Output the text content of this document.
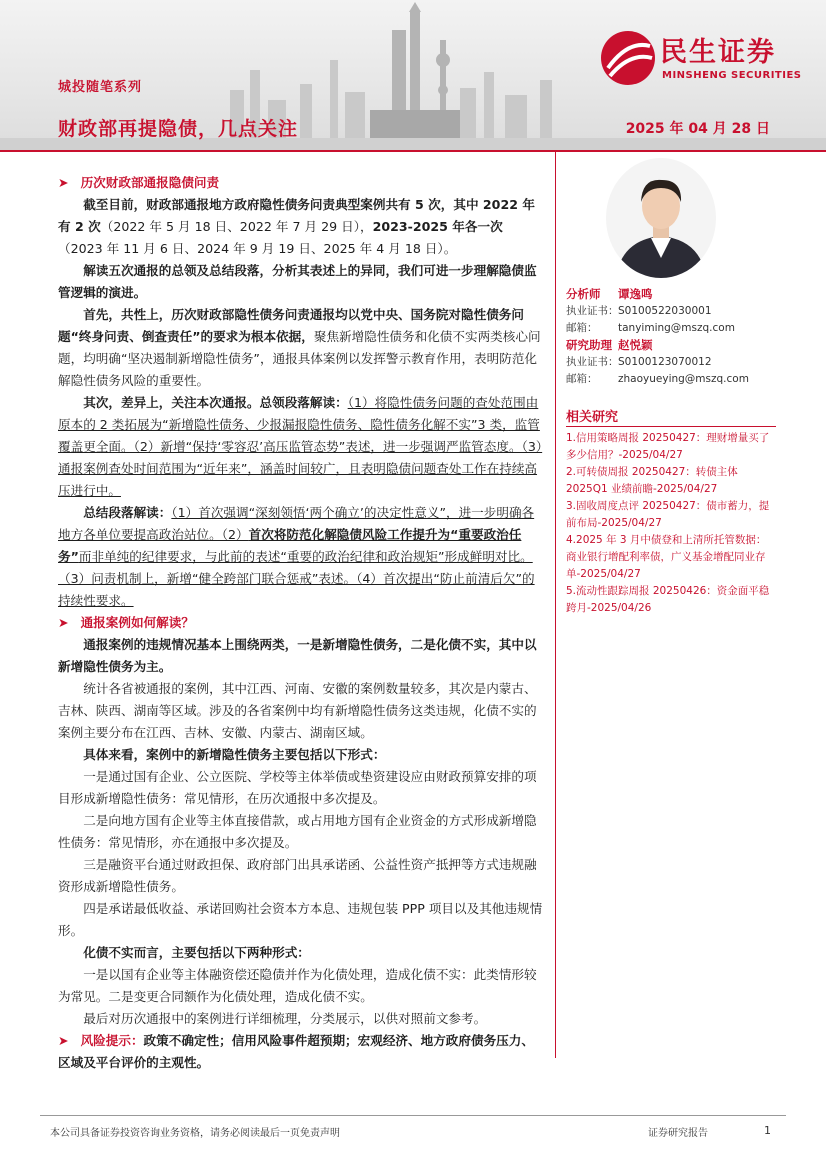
城投随笔系列
财政部再提隐债，几点关注	2025 年 04 月 28 日
民生证券
MINSHENG SECURITIES

➤ 历次财政部通报隐债问责

截至目前，财政部通报地方政府隐性债务问责典型案例共有 5 次，其中 2022 年有 2 次（2022 年 5 月 18 日、2022 年 7 月 29 日），2023-2025 年各一次（2023 年 11 月 6 日、2024 年 9 月 19 日、2025 年 4 月 18 日）。

解读五次通报的总领及总结段落，分析其表述上的异同，我们可进一步理解隐债监管逻辑的演进。

首先，共性上，历次财政部隐性债务问责通报均以党中央、国务院对隐性债务问题“终身问责、倒查责任”的要求为根本依据，聚焦新增隐性债务和化债不实两类核心问题，均明确“坚决遏制新增隐性债务”，通报具体案例以发挥警示教育作用，表明防范化解隐性债务风险的重要性。

其次，差异上，关注本次通报。总领段落解读：（1）将隐性债务问题的查处范围由原本的 2 类拓展为“新增隐性债务、少报漏报隐性债务、隐性债务化解不实”3 类，监管覆盖更全面。（2）新增“保持‘零容忍’高压监管态势”表述，进一步强调严监管态度。（3）通报案例查处时间范围为“近年来”，涵盖时间较广，且表明隐债问题查处工作在持续高压进行中。

总结段落解读：（1）首次强调“深刻领悟‘两个确立’的决定性意义”，进一步明确各地方各单位要提高政治站位。（2）首次将防范化解隐债风险工作提升为“重要政治任务”而非单纯的纪律要求，与此前的表述“重要的政治纪律和政治规矩”形成鲜明对比。（3）问责机制上，新增“健全跨部门联合惩戒”表述。（4）首次提出“防止前清后欠”的持续性要求。

➤ 通报案例如何解读？

通报案例的违规情况基本上围绕两类，一是新增隐性债务，二是化债不实，其中以新增隐性债务为主。

统计各省被通报的案例，其中江西、河南、安徽的案例数量较多，其次是内蒙古、吉林、陕西、湖南等区域。涉及的各省案例中均有新增隐性债务这类违规，化债不实的案例主要分布在江西、吉林、安徽、内蒙古、湖南区域。

具体来看，案例中的新增隐性债务主要包括以下形式：

一是通过国有企业、公立医院、学校等主体举债或垫资建设应由财政预算安排的项目形成新增隐性债务：常见情形，在历次通报中多次提及。

二是向地方国有企业等主体直接借款，或占用地方国有企业资金的方式形成新增隐性债务：常见情形，亦在通报中多次提及。

三是融资平台通过财政担保、政府部门出具承诺函、公益性资产抵押等方式违规融资形成新增隐性债务。

四是承诺最低收益、承诺回购社会资本方本息、违规包装 PPP 项目以及其他违规情形。

化债不实而言，主要包括以下两种形式：

一是以国有企业等主体融资偿还隐债并作为化债处理，造成化债不实：此类情形较为常见。二是变更合同额作为化债处理，造成化债不实。

最后对历次通报中的案例进行详细梳理，分类展示，以供对照前文参考。

➤ 风险提示：政策不确定性；信用风险事件超预期；宏观经济、地方政府债务压力、区域及平台评价的主观性。

分析师 谭逸鸣
执业证书：S0100522030001
邮箱： tanyiming@mszq.com
研究助理 赵悦颖
执业证书：S0100123070012
邮箱： zhaoyueying@mszq.com
相关研究
1.信用策略周报 20250427：理财增量买了多少信用？-2025/04/27
2.可转债周报 20250427：转债主体 2025Q1 业绩前瞻-2025/04/27
3.固收周度点评 20250427：债市蓄力，提前布局-2025/04/27
4.2025 年 3 月中债登和上清所托管数据：商业银行增配利率债，广义基金增配同业存单-2025/04/27
5.流动性跟踪周报 20250426：资金面平稳跨月-2025/04/26
本公司具备证券投资咨询业务资格，请务必阅读最后一页免责声明	证券研究报告	1
